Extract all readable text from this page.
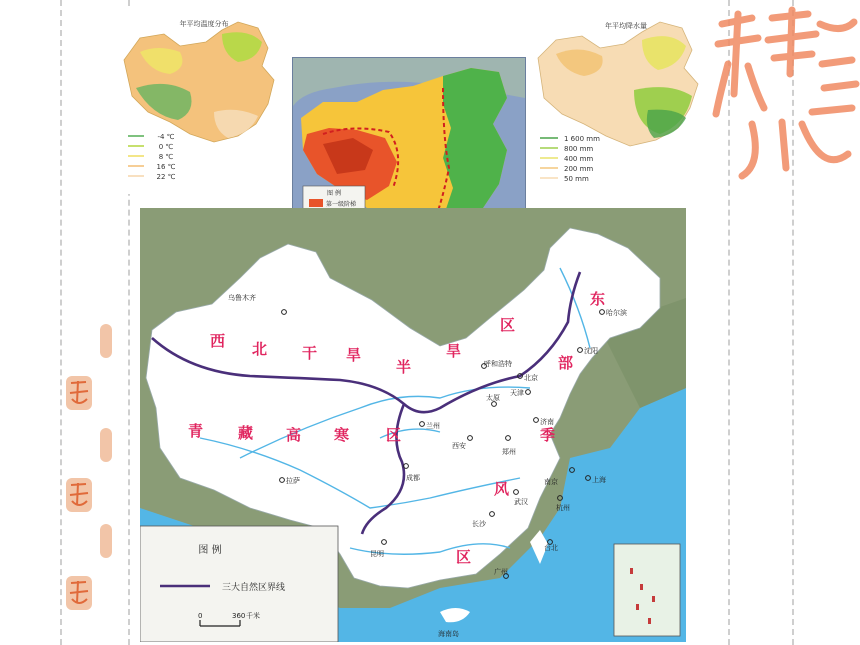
年平均温度分布
-4 ℃
0 ℃
8 ℃
16 ℃
22 ℃
图 例
第一级阶梯
年平均降水量
1 600 mm
800 mm
400 mm
200 mm
50 mm
图 例
三大自然区界线
0	360 千米
西 北 干 旱
半
旱
区
青 藏 高 寒 区
东
部
季
风
区
乌鲁木齐
哈尔滨
沈阳
呼和浩特
北京
天津
太原
济南
兰州
西安
郑州
拉萨	成都	南京	上海
武汉
杭州
长沙
昆明
广州
台北
海南岛
